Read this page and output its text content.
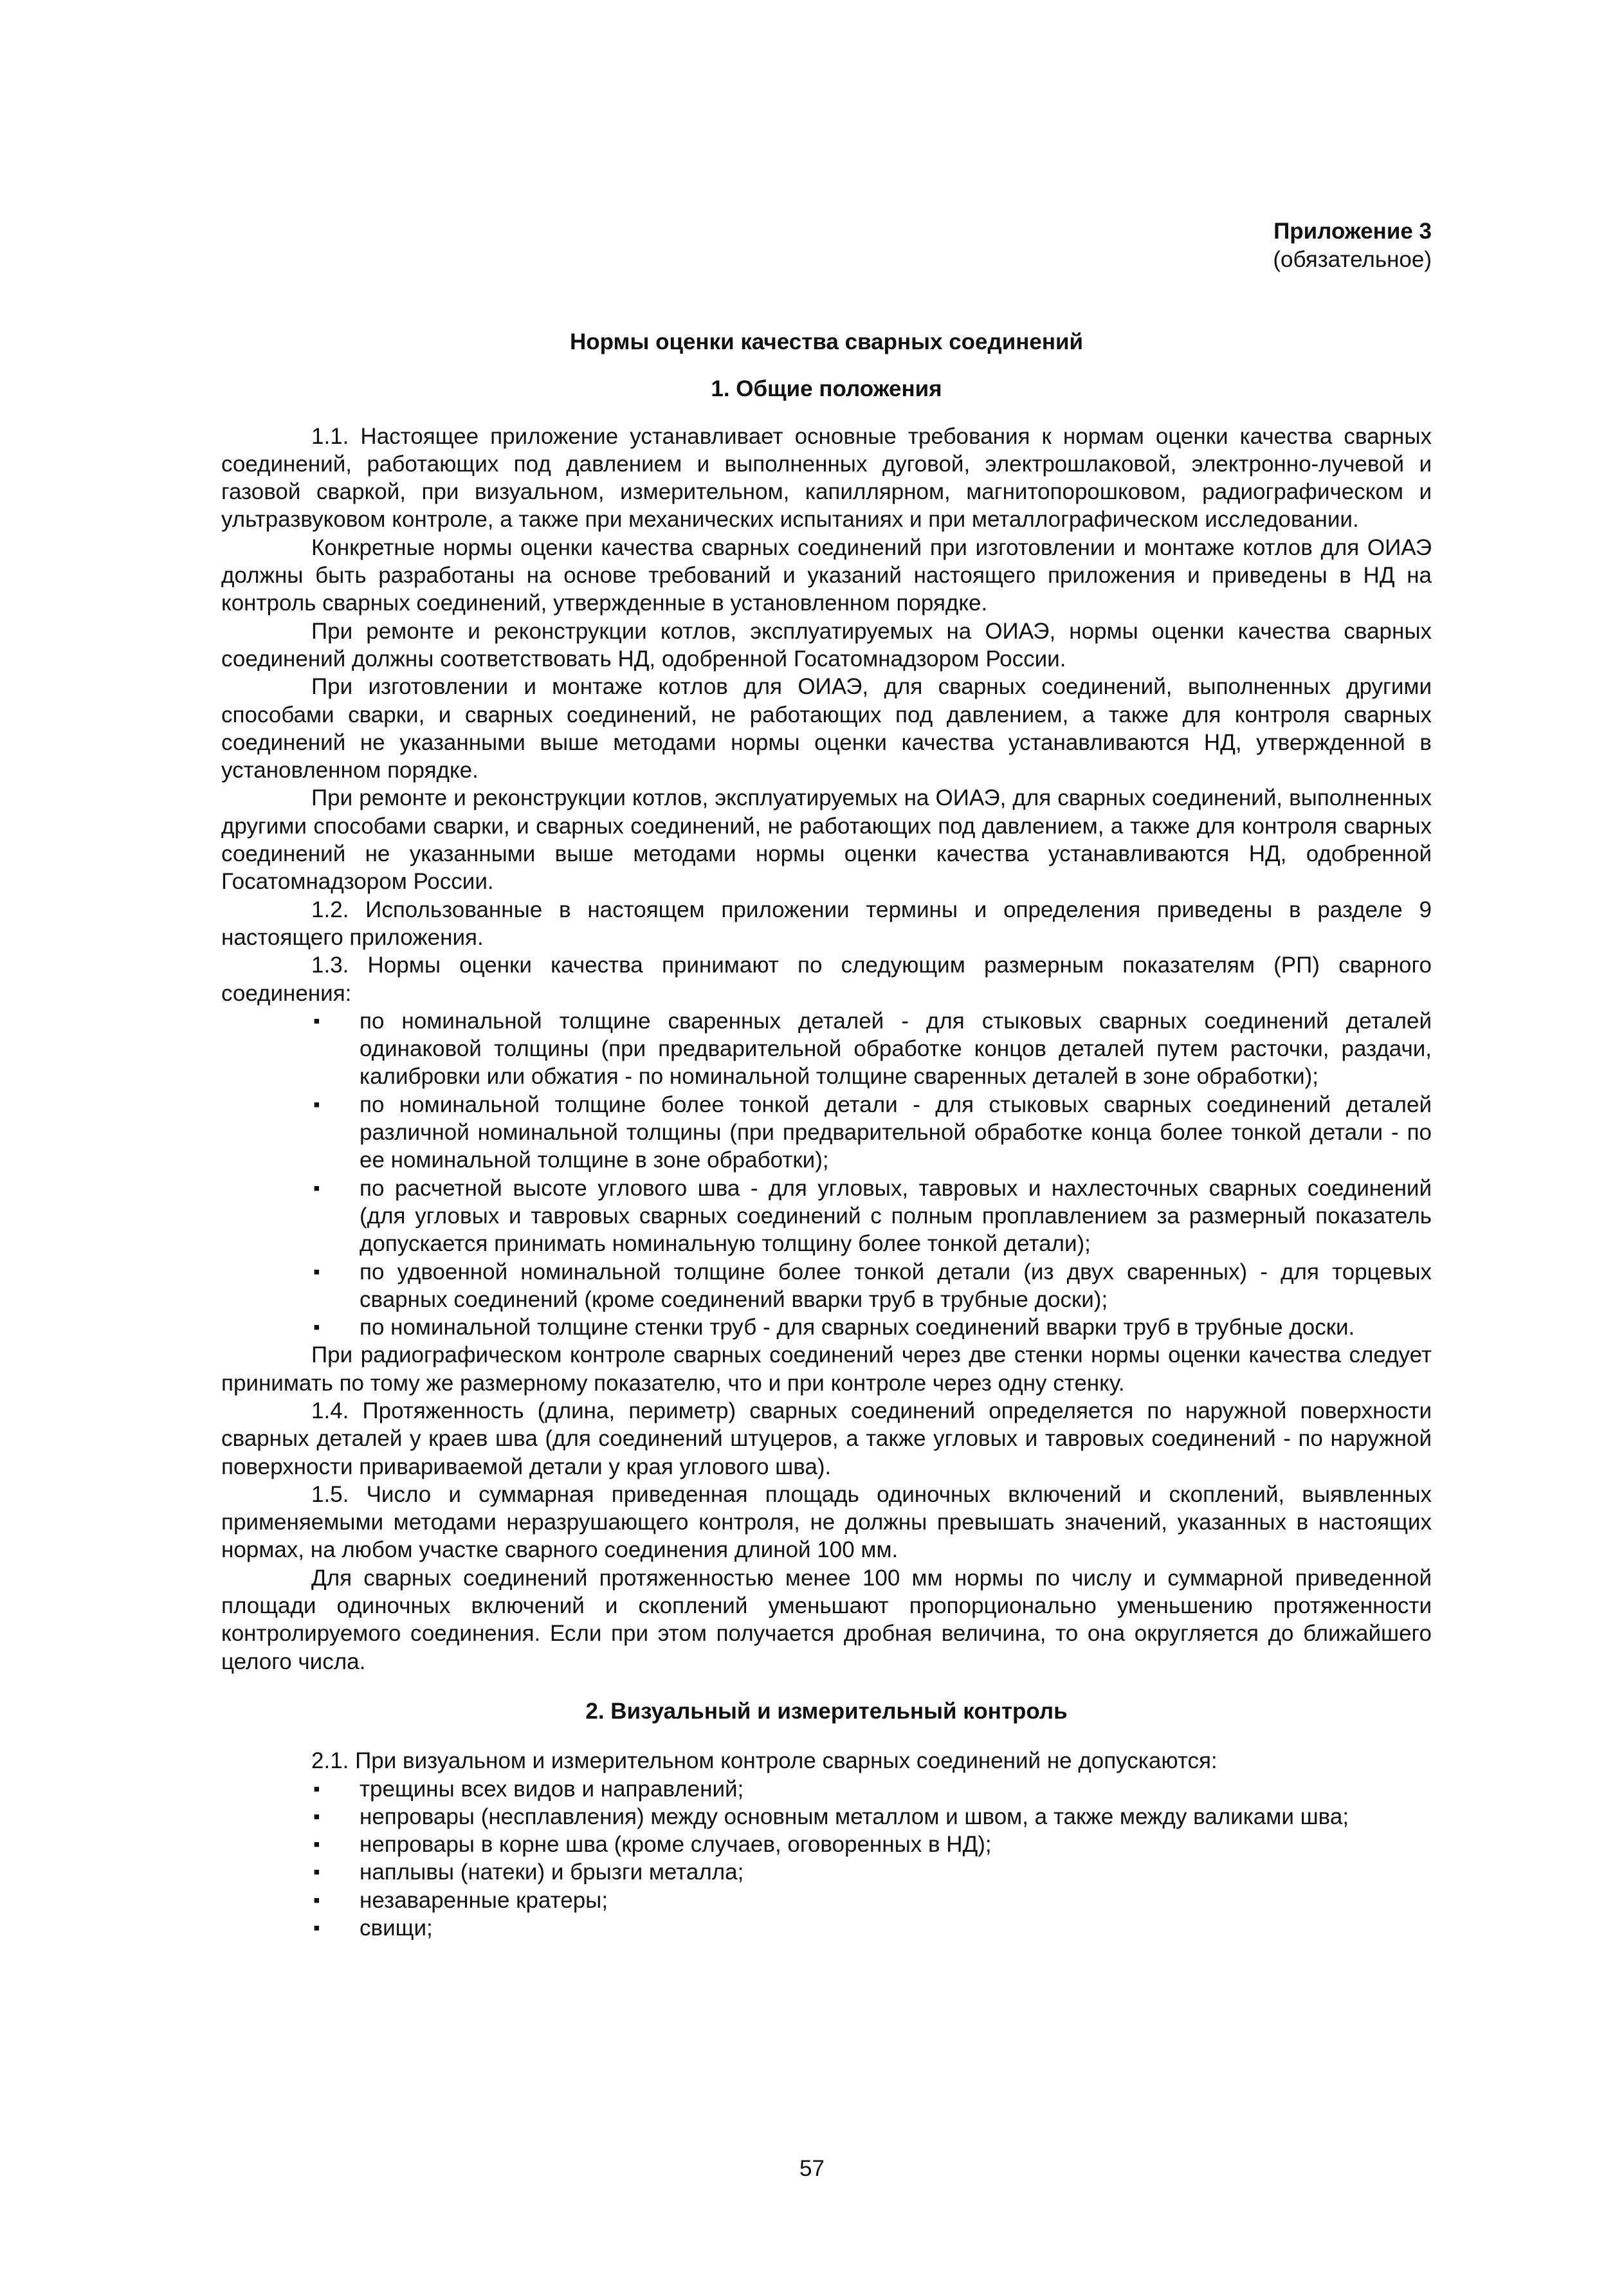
Приложение 3
(обязательное)
Нормы оценки качества сварных соединений
1. Общие положения

1.1. Настоящее приложение устанавливает основные требования к нормам оценки качества сварных соединений, работающих под давлением и выполненных дуговой, электрошлаковой, электронно-лучевой и газовой сваркой, при визуальном, измерительном, капиллярном, магнитопорошковом, радиографическом и ультразвуковом контроле, а также при механических испытаниях и при металлографическом исследовании.

Конкретные нормы оценки качества сварных соединений при изготовлении и монтаже котлов для ОИАЭ должны быть разработаны на основе требований и указаний настоящего приложения и приведены в НД на контроль сварных соединений, утвержденные в установленном порядке.

При ремонте и реконструкции котлов, эксплуатируемых на ОИАЭ, нормы оценки качества сварных соединений должны соответствовать НД, одобренной Госатомнадзором России.

При изготовлении и монтаже котлов для ОИАЭ, для сварных соединений, выполненных другими способами сварки, и сварных соединений, не работающих под давлением, а также для контроля сварных соединений не указанными выше методами нормы оценки качества устанавливаются НД, утвержденной в установленном порядке.

При ремонте и реконструкции котлов, эксплуатируемых на ОИАЭ, для сварных соединений, выполненных другими способами сварки, и сварных соединений, не работающих под давлением, а также для контроля сварных соединений не указанными выше методами нормы оценки качества устанавливаются НД, одобренной Госатомнадзором России.

1.2. Использованные в настоящем приложении термины и определения приведены в разделе 9 настоящего приложения.

1.3. Нормы оценки качества принимают по следующим размерным показателям (РП) сварного соединения:

▪ по номинальной толщине сваренных деталей - для стыковых сварных соединений деталей одинаковой толщины (при предварительной обработке концов деталей путем расточки, раздачи, калибровки или обжатия - по номинальной толщине сваренных деталей в зоне обработки);
▪ по номинальной толщине более тонкой детали - для стыковых сварных соединений деталей различной номинальной толщины (при предварительной обработке конца более тонкой детали - по ее номинальной толщине в зоне обработки);
▪ по расчетной высоте углового шва - для угловых, тавровых и нахлесточных сварных соединений (для угловых и тавровых сварных соединений с полным проплавлением за размерный показатель допускается принимать номинальную толщину более тонкой детали);
▪ по удвоенной номинальной толщине более тонкой детали (из двух сваренных) - для торцевых сварных соединений (кроме соединений вварки труб в трубные доски);
▪ по номинальной толщине стенки труб - для сварных соединений вварки труб в трубные доски.

При радиографическом контроле сварных соединений через две стенки нормы оценки качества следует принимать по тому же размерному показателю, что и при контроле через одну стенку.

1.4. Протяженность (длина, периметр) сварных соединений определяется по наружной поверхности сварных деталей у краев шва (для соединений штуцеров, а также угловых и тавровых соединений - по наружной поверхности привариваемой детали у края углового шва).

1.5. Число и суммарная приведенная площадь одиночных включений и скоплений, выявленных применяемыми методами неразрушающего контроля, не должны превышать значений, указанных в настоящих нормах, на любом участке сварного соединения длиной 100 мм.

Для сварных соединений протяженностью менее 100 мм нормы по числу и суммарной приведенной площади одиночных включений и скоплений уменьшают пропорционально уменьшению протяженности контролируемого соединения. Если при этом получается дробная величина, то она округляется до ближайшего целого числа.

2. Визуальный и измерительный контроль

2.1. При визуальном и измерительном контроле сварных соединений не допускаются:

▪ трещины всех видов и направлений;
▪ непровары (несплавления) между основным металлом и швом, а также между валиками шва;
▪ непровары в корне шва (кроме случаев, оговоренных в НД);
▪ наплывы (натеки) и брызги металла;
▪ незаваренные кратеры;
▪ свищи;
57
